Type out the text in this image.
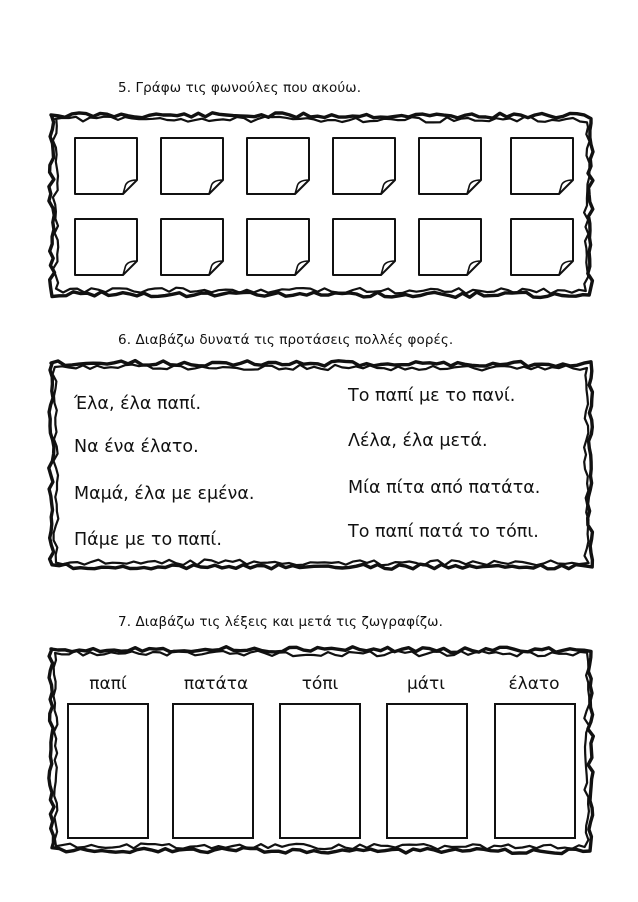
5. Γράφω τις φωνούλες που ακούω.
6. Διαβάζω δυνατά τις προτάσεις πολλές φορές.
Έλα, έλα παπί.
Να ένα έλατο.
Μαμά, έλα με εμένα.
Πάμε με το παπί.
Το παπί με το πανί.
Λέλα, έλα μετά.
Μία πίτα από πατάτα.
Το παπί πατά το τόπι.
7. Διαβάζω τις λέξεις και μετά τις ζωγραφίζω.
παπί	πατάτα	τόπι	μάτι	έλατο
